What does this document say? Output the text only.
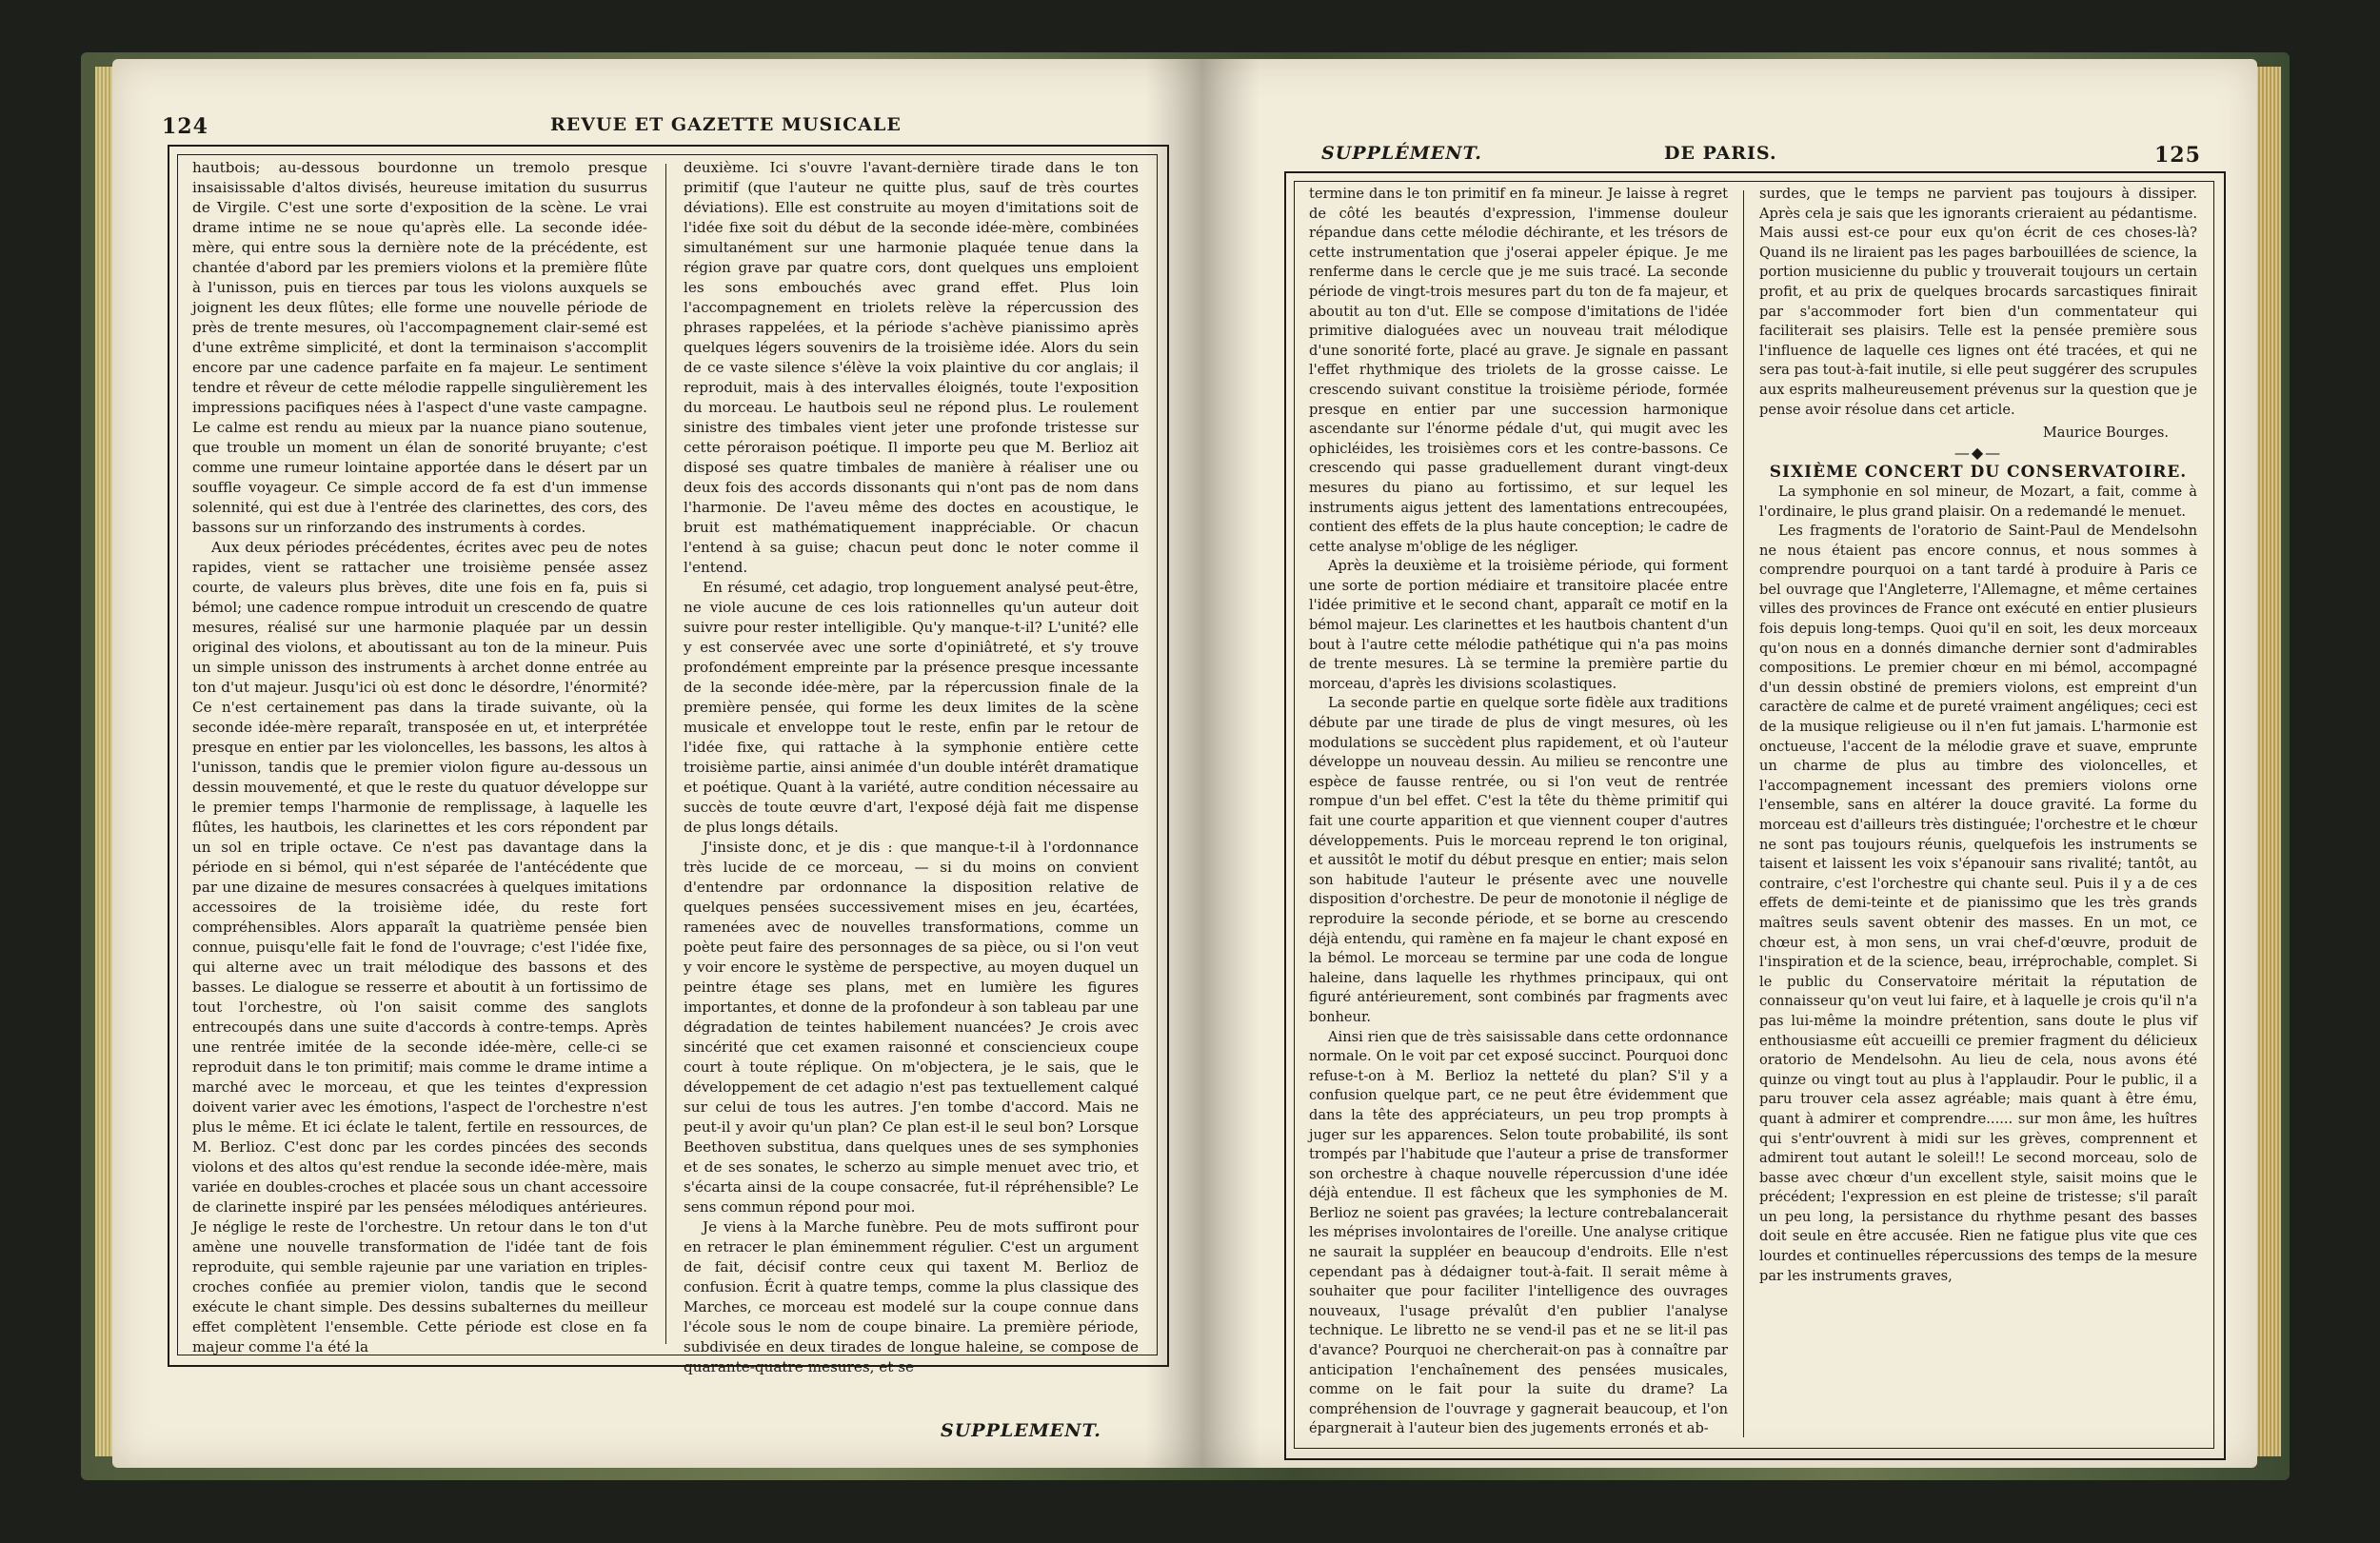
124	REVUE ET GAZETTE MUSICALE

hautbois; au-dessous bourdonne un tremolo presque insaisissable d'altos divisés, heureuse imitation du susurrus de Virgile. C'est une sorte d'exposition de la scène. Le vrai drame intime ne se noue qu'après elle. La seconde idée-mère, qui entre sous la dernière note de la précédente, est chantée d'abord par les premiers violons et la première flûte à l'unisson, puis en tierces par tous les violons auxquels se joignent les deux flûtes; elle forme une nouvelle période de près de trente mesures, où l'accompagnement clair-semé est d'une extrême simplicité, et dont la terminaison s'accomplit encore par une cadence parfaite en fa majeur. Le sentiment tendre et rêveur de cette mélodie rappelle singulièrement les impressions pacifiques nées à l'aspect d'une vaste campagne. Le calme est rendu au mieux par la nuance piano soutenue, que trouble un moment un élan de sonorité bruyante; c'est comme une rumeur lointaine apportée dans le désert par un souffle voyageur. Ce simple accord de fa est d'un immense solennité, qui est due à l'entrée des clarinettes, des cors, des bassons sur un rinforzando des instruments à cordes.

Aux deux périodes précédentes, écrites avec peu de notes rapides, vient se rattacher une troisième pensée assez courte, de valeurs plus brèves, dite une fois en fa, puis si bémol; une cadence rompue introduit un crescendo de quatre mesures, réalisé sur une harmonie plaquée par un dessin original des violons, et aboutissant au ton de la mineur. Puis un simple unisson des instruments à archet donne entrée au ton d'ut majeur. Jusqu'ici où est donc le désordre, l'énormité? Ce n'est certainement pas dans la tirade suivante, où la seconde idée-mère reparaît, transposée en ut, et interprétée presque en entier par les violoncelles, les bassons, les altos à l'unisson, tandis que le premier violon figure au-dessous un dessin mouvementé, et que le reste du quatuor développe sur le premier temps l'harmonie de remplissage, à laquelle les flûtes, les hautbois, les clarinettes et les cors répondent par un sol en triple octave. Ce n'est pas davantage dans la période en si bémol, qui n'est séparée de l'antécédente que par une dizaine de mesures consacrées à quelques imitations accessoires de la troisième idée, du reste fort compréhensibles. Alors apparaît la quatrième pensée bien connue, puisqu'elle fait le fond de l'ouvrage; c'est l'idée fixe, qui alterne avec un trait mélodique des bassons et des basses. Le dialogue se resserre et aboutit à un fortissimo de tout l'orchestre, où l'on saisit comme des sanglots entrecoupés dans une suite d'accords à contre-temps. Après une rentrée imitée de la seconde idée-mère, celle-ci se reproduit dans le ton primitif; mais comme le drame intime a marché avec le morceau, et que les teintes d'expression doivent varier avec les émotions, l'aspect de l'orchestre n'est plus le même. Et ici éclate le talent, fertile en ressources, de M. Berlioz. C'est donc par les cordes pincées des seconds violons et des altos qu'est rendue la seconde idée-mère, mais variée en doubles-croches et placée sous un chant accessoire de clarinette inspiré par les pensées mélodiques antérieures. Je néglige le reste de l'orchestre. Un retour dans le ton d'ut amène une nouvelle transformation de l'idée tant de fois reproduite, qui semble rajeunie par une variation en triples-croches confiée au premier violon, tandis que le second exécute le chant simple. Des dessins subalternes du meilleur effet complètent l'ensemble. Cette période est close en fa majeur comme l'a été la

deuxième. Ici s'ouvre l'avant-dernière tirade dans le ton primitif (que l'auteur ne quitte plus, sauf de très courtes déviations). Elle est construite au moyen d'imitations soit de l'idée fixe soit du début de la seconde idée-mère, combinées simultanément sur une harmonie plaquée tenue dans la région grave par quatre cors, dont quelques uns emploient les sons embouchés avec grand effet. Plus loin l'accompagnement en triolets relève la répercussion des phrases rappelées, et la période s'achève pianissimo après quelques légers souvenirs de la troisième idée. Alors du sein de ce vaste silence s'élève la voix plaintive du cor anglais; il reproduit, mais à des intervalles éloignés, toute l'exposition du morceau. Le hautbois seul ne répond plus. Le roulement sinistre des timbales vient jeter une profonde tristesse sur cette péroraison poétique. Il importe peu que M. Berlioz ait disposé ses quatre timbales de manière à réaliser une ou deux fois des accords dissonants qui n'ont pas de nom dans l'harmonie. De l'aveu même des doctes en acoustique, le bruit est mathématiquement inappréciable. Or chacun l'entend à sa guise; chacun peut donc le noter comme il l'entend.

En résumé, cet adagio, trop longuement analysé peut-être, ne viole aucune de ces lois rationnelles qu'un auteur doit suivre pour rester intelligible. Qu'y manque-t-il? L'unité? elle y est conservée avec une sorte d'opiniâtreté, et s'y trouve profondément empreinte par la présence presque incessante de la seconde idée-mère, par la répercussion finale de la première pensée, qui forme les deux limites de la scène musicale et enveloppe tout le reste, enfin par le retour de l'idée fixe, qui rattache à la symphonie entière cette troisième partie, ainsi animée d'un double intérêt dramatique et poétique. Quant à la variété, autre condition nécessaire au succès de toute œuvre d'art, l'exposé déjà fait me dispense de plus longs détails.

J'insiste donc, et je dis : que manque-t-il à l'ordonnance très lucide de ce morceau, — si du moins on convient d'entendre par ordonnance la disposition relative de quelques pensées successivement mises en jeu, écartées, ramenées avec de nouvelles transformations, comme un poète peut faire des personnages de sa pièce, ou si l'on veut y voir encore le système de perspective, au moyen duquel un peintre étage ses plans, met en lumière les figures importantes, et donne de la profondeur à son tableau par une dégradation de teintes habilement nuancées? Je crois avec sincérité que cet examen raisonné et consciencieux coupe court à toute réplique. On m'objectera, je le sais, que le développement de cet adagio n'est pas textuellement calqué sur celui de tous les autres. J'en tombe d'accord. Mais ne peut-il y avoir qu'un plan? Ce plan est-il le seul bon? Lorsque Beethoven substitua, dans quelques unes de ses symphonies et de ses sonates, le scherzo au simple menuet avec trio, et s'écarta ainsi de la coupe consacrée, fut-il répréhensible? Le sens commun répond pour moi.

Je viens à la Marche funèbre. Peu de mots suffiront pour en retracer le plan éminemment régulier. C'est un argument de fait, décisif contre ceux qui taxent M. Berlioz de confusion. Écrit à quatre temps, comme la plus classique des Marches, ce morceau est modelé sur la coupe connue dans l'école sous le nom de coupe binaire. La première période, subdivisée en deux tirades de longue haleine, se compose de quarante-quatre mesures, et se

SUPPLEMENT.
SUPPLÉMENT.	DE PARIS.	125

termine dans le ton primitif en fa mineur. Je laisse à regret de côté les beautés d'expression, l'immense douleur répandue dans cette mélodie déchirante, et les trésors de cette instrumentation que j'oserai appeler épique. Je me renferme dans le cercle que je me suis tracé. La seconde période de vingt-trois mesures part du ton de fa majeur, et aboutit au ton d'ut. Elle se compose d'imitations de l'idée primitive dialoguées avec un nouveau trait mélodique d'une sonorité forte, placé au grave. Je signale en passant l'effet rhythmique des triolets de la grosse caisse. Le crescendo suivant constitue la troisième période, formée presque en entier par une succession harmonique ascendante sur l'énorme pédale d'ut, qui mugit avec les ophicléides, les troisièmes cors et les contre-bassons. Ce crescendo qui passe graduellement durant vingt-deux mesures du piano au fortissimo, et sur lequel les instruments aigus jettent des lamentations entrecoupées, contient des effets de la plus haute conception; le cadre de cette analyse m'oblige de les négliger.

Après la deuxième et la troisième période, qui forment une sorte de portion médiaire et transitoire placée entre l'idée primitive et le second chant, apparaît ce motif en la bémol majeur. Les clarinettes et les hautbois chantent d'un bout à l'autre cette mélodie pathétique qui n'a pas moins de trente mesures. Là se termine la première partie du morceau, d'après les divisions scolastiques.

La seconde partie en quelque sorte fidèle aux traditions débute par une tirade de plus de vingt mesures, où les modulations se succèdent plus rapidement, et où l'auteur développe un nouveau dessin. Au milieu se rencontre une espèce de fausse rentrée, ou si l'on veut de rentrée rompue d'un bel effet. C'est la tête du thème primitif qui fait une courte apparition et que viennent couper d'autres développements. Puis le morceau reprend le ton original, et aussitôt le motif du début presque en entier; mais selon son habitude l'auteur le présente avec une nouvelle disposition d'orchestre. De peur de monotonie il néglige de reproduire la seconde période, et se borne au crescendo déjà entendu, qui ramène en fa majeur le chant exposé en la bémol. Le morceau se termine par une coda de longue haleine, dans laquelle les rhythmes principaux, qui ont figuré antérieurement, sont combinés par fragments avec bonheur.

Ainsi rien que de très saisissable dans cette ordonnance normale. On le voit par cet exposé succinct. Pourquoi donc refuse-t-on à M. Berlioz la netteté du plan? S'il y a confusion quelque part, ce ne peut être évidemment que dans la tête des appréciateurs, un peu trop prompts à juger sur les apparences. Selon toute probabilité, ils sont trompés par l'habitude que l'auteur a prise de transformer son orchestre à chaque nouvelle répercussion d'une idée déjà entendue. Il est fâcheux que les symphonies de M. Berlioz ne soient pas gravées; la lecture contrebalancerait les méprises involontaires de l'oreille. Une analyse critique ne saurait la suppléer en beaucoup d'endroits. Elle n'est cependant pas à dédaigner tout-à-fait. Il serait même à souhaiter que pour faciliter l'intelligence des ouvrages nouveaux, l'usage prévalût d'en publier l'analyse technique. Le libretto ne se vend-il pas et ne se lit-il pas d'avance? Pourquoi ne chercherait-on pas à connaître par anticipation l'enchaînement des pensées musicales, comme on le fait pour la suite du drame? La compréhension de l'ouvrage y gagnerait beaucoup, et l'on épargnerait à l'auteur bien des jugements erronés et ab-

surdes, que le temps ne parvient pas toujours à dissiper. Après cela je sais que les ignorants crieraient au pédantisme. Mais aussi est-ce pour eux qu'on écrit de ces choses-là? Quand ils ne liraient pas les pages barbouillées de science, la portion musicienne du public y trouverait toujours un certain profit, et au prix de quelques brocards sarcastiques finirait par s'accommoder fort bien d'un commentateur qui faciliterait ses plaisirs. Telle est la pensée première sous l'influence de laquelle ces lignes ont été tracées, et qui ne sera pas tout-à-fait inutile, si elle peut suggérer des scrupules aux esprits malheureusement prévenus sur la question que je pense avoir résolue dans cet article.

Maurice Bourges.

—◆—

SIXIÈME CONCERT DU CONSERVATOIRE.

La symphonie en sol mineur, de Mozart, a fait, comme à l'ordinaire, le plus grand plaisir. On a redemandé le menuet.

Les fragments de l'oratorio de Saint-Paul de Mendelsohn ne nous étaient pas encore connus, et nous sommes à comprendre pourquoi on a tant tardé à produire à Paris ce bel ouvrage que l'Angleterre, l'Allemagne, et même certaines villes des provinces de France ont exécuté en entier plusieurs fois depuis long-temps. Quoi qu'il en soit, les deux morceaux qu'on nous en a donnés dimanche dernier sont d'admirables compositions. Le premier chœur en mi bémol, accompagné d'un dessin obstiné de premiers violons, est empreint d'un caractère de calme et de pureté vraiment angéliques; ceci est de la musique religieuse ou il n'en fut jamais. L'harmonie est onctueuse, l'accent de la mélodie grave et suave, emprunte un charme de plus au timbre des violoncelles, et l'accompagnement incessant des premiers violons orne l'ensemble, sans en altérer la douce gravité. La forme du morceau est d'ailleurs très distinguée; l'orchestre et le chœur ne sont pas toujours réunis, quelquefois les instruments se taisent et laissent les voix s'épanouir sans rivalité; tantôt, au contraire, c'est l'orchestre qui chante seul. Puis il y a de ces effets de demi-teinte et de pianissimo que les très grands maîtres seuls savent obtenir des masses. En un mot, ce chœur est, à mon sens, un vrai chef-d'œuvre, produit de l'inspiration et de la science, beau, irréprochable, complet. Si le public du Conservatoire méritait la réputation de connaisseur qu'on veut lui faire, et à laquelle je crois qu'il n'a pas lui-même la moindre prétention, sans doute le plus vif enthousiasme eût accueilli ce premier fragment du délicieux oratorio de Mendelsohn. Au lieu de cela, nous avons été quinze ou vingt tout au plus à l'applaudir. Pour le public, il a paru trouver cela assez agréable; mais quant à être ému, quant à admirer et comprendre...... sur mon âme, les huîtres qui s'entr'ouvrent à midi sur les grèves, comprennent et admirent tout autant le soleil!! Le second morceau, solo de basse avec chœur d'un excellent style, saisit moins que le précédent; l'expression en est pleine de tristesse; s'il paraît un peu long, la persistance du rhythme pesant des basses doit seule en être accusée. Rien ne fatigue plus vite que ces lourdes et continuelles répercussions des temps de la mesure par les instruments graves,
